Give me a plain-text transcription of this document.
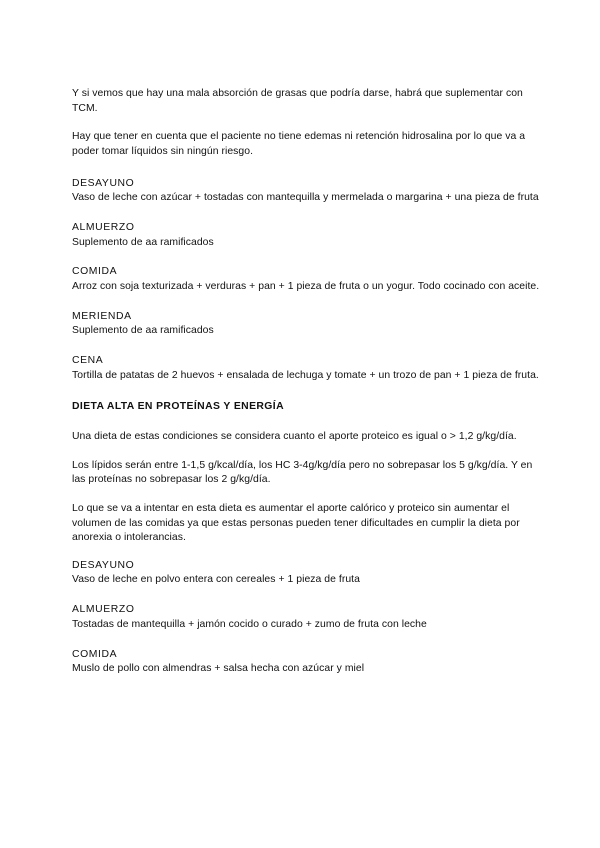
Y si vemos que hay una mala absorción de grasas que podría darse, habrá que suplementar con TCM.

Hay que tener en cuenta que el paciente no tiene edemas ni retención hidrosalina por lo que va a poder tomar líquidos sin ningún riesgo.

DESAYUNO

Vaso de leche con azúcar + tostadas con mantequilla y mermelada o margarina + una pieza de fruta

ALMUERZO

Suplemento de aa ramificados

COMIDA

Arroz con soja texturizada + verduras + pan + 1 pieza de fruta o un yogur. Todo cocinado con aceite.

MERIENDA

Suplemento de aa ramificados

CENA

Tortilla de patatas de 2 huevos + ensalada de lechuga y tomate + un trozo de pan + 1 pieza de fruta.

DIETA ALTA EN PROTEÍNAS Y ENERGÍA

Una dieta de estas condiciones se considera cuanto el aporte proteico es igual o > 1,2 g/kg/día.

Los lípidos serán entre 1-1,5 g/kcal/día, los HC 3-4g/kg/día pero no sobrepasar los 5 g/kg/día. Y en las proteínas no sobrepasar los 2 g/kg/día.

Lo que se va a intentar en esta dieta es aumentar el aporte calórico y proteico sin aumentar el volumen de las comidas ya que estas personas pueden tener dificultades en cumplir la dieta por anorexia o intolerancias.

DESAYUNO

Vaso de leche en polvo entera con cereales + 1 pieza de fruta

ALMUERZO

Tostadas de mantequilla + jamón cocido o curado + zumo de fruta con leche

COMIDA

Muslo de pollo con almendras + salsa hecha con azúcar y miel
